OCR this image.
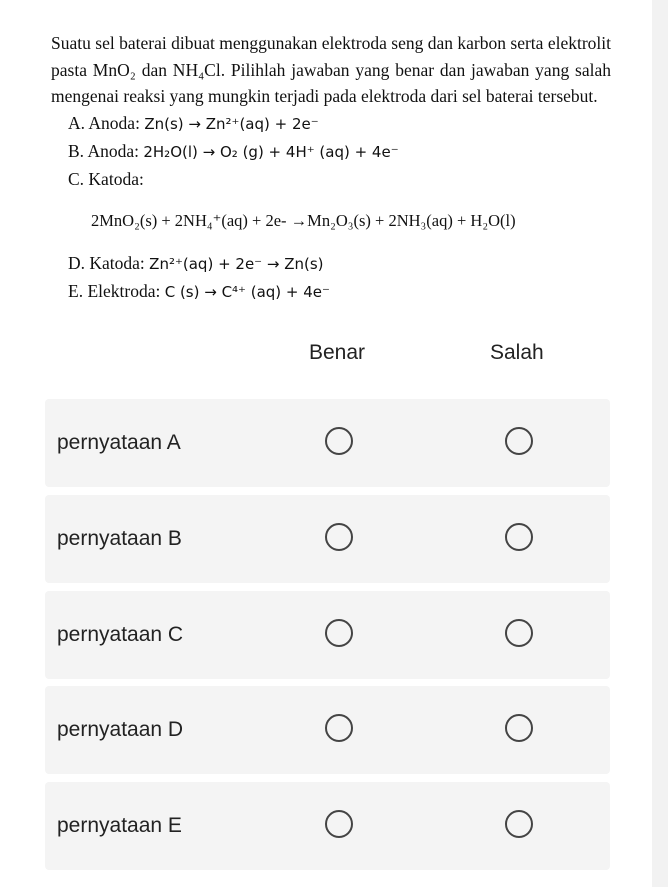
Suatu sel baterai dibuat menggunakan elektroda seng dan karbon serta elektrolit pasta MnO₂ dan NH₄Cl. Pilihlah jawaban yang benar dan jawaban yang salah mengenai reaksi yang mungkin terjadi pada elektroda dari sel baterai tersebut.

A. Anoda: Zn(s) → Zn²⁺(aq) + 2e⁻

B. Anoda: 2H₂O(l) → O₂ (g) + 4H⁺ (aq) + 4e⁻

C. Katoda:

2MnO₂(s) + 2NH₄⁺(aq) + 2e- →Mn₂O₃(s) + 2NH₃(aq) + H₂O(l)

D. Katoda: Zn²⁺(aq) + 2e⁻ → Zn(s)

E. Elektroda: C (s) → C⁴⁺ (aq) + 4e⁻

Benar	Salah
pernyataan A
pernyataan B
pernyataan C
pernyataan D
pernyataan E
